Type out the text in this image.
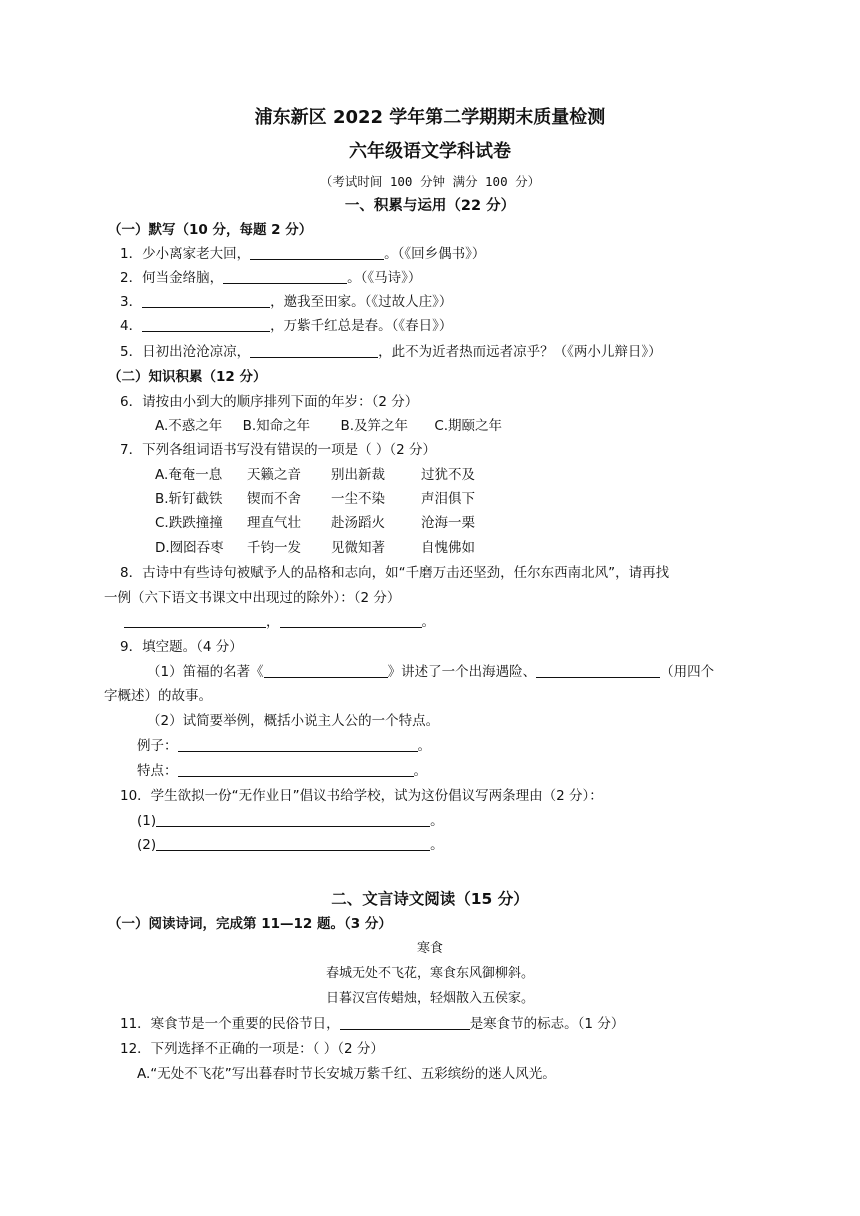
浦东新区 2022 学年第二学期期末质量检测
六年级语文学科试卷
（考试时间 100 分钟 满分 100 分）
一、积累与运用（22 分）
（一）默写（10 分，每题 2 分）
1．少小离家老大回，	。（《回乡偶书》）
2．何当金络脑，	。（《马诗》）
3．	，邀我至田家。（《过故人庄》）
4．	，万紫千红总是春。（《春日》）
5．日初出沧沧凉凉，	，此不为近者热而远者凉乎？（《两小儿辩日》）
（二）知识积累（12 分）
6．请按由小到大的顺序排列下面的年岁：（2 分）
A.不惑之年 B.知命之年 B.及笄之年 C.期颐之年
7．下列各组词语书写没有错误的一项是（ ）（2 分）
A.奄奄一息 天籁之音 别出新裁	过犹不及
B.斩钉截铁 锲而不舍 一尘不染	声泪俱下
C.跌跌撞撞 理直气壮 赴汤蹈火	沧海一栗
D.囫囵吞枣 千钧一发 见微知著	自愧佛如
8．古诗中有些诗句被赋予人的品格和志向，如“千磨万击还坚劲，任尔东西南北风”，请再找
一例（六下语文书课文中出现过的除外）：（2 分）
，	。
9．填空题。（4 分）
（1）笛福的名著《	》讲述了一个出海遇险、	（用四个
字概述）的故事。
（2）试简要举例，概括小说主人公的一个特点。
例子：	。
特点：	。
10．学生欲拟一份“无作业日”倡议书给学校，试为这份倡议写两条理由（2 分）：
(1)	。
(2)	。
二、文言诗文阅读（15 分）
（一）阅读诗词，完成第 11—12 题。（3 分）
寒食
春城无处不飞花，寒食东风御柳斜。
日暮汉宫传蜡烛，轻烟散入五侯家。
11．寒食节是一个重要的民俗节日，	是寒食节的标志。（1 分）
12．下列选择不正确的一项是：（ ）（2 分）
A.“无处不飞花”写出暮春时节长安城万紫千红、五彩缤纷的迷人风光。
